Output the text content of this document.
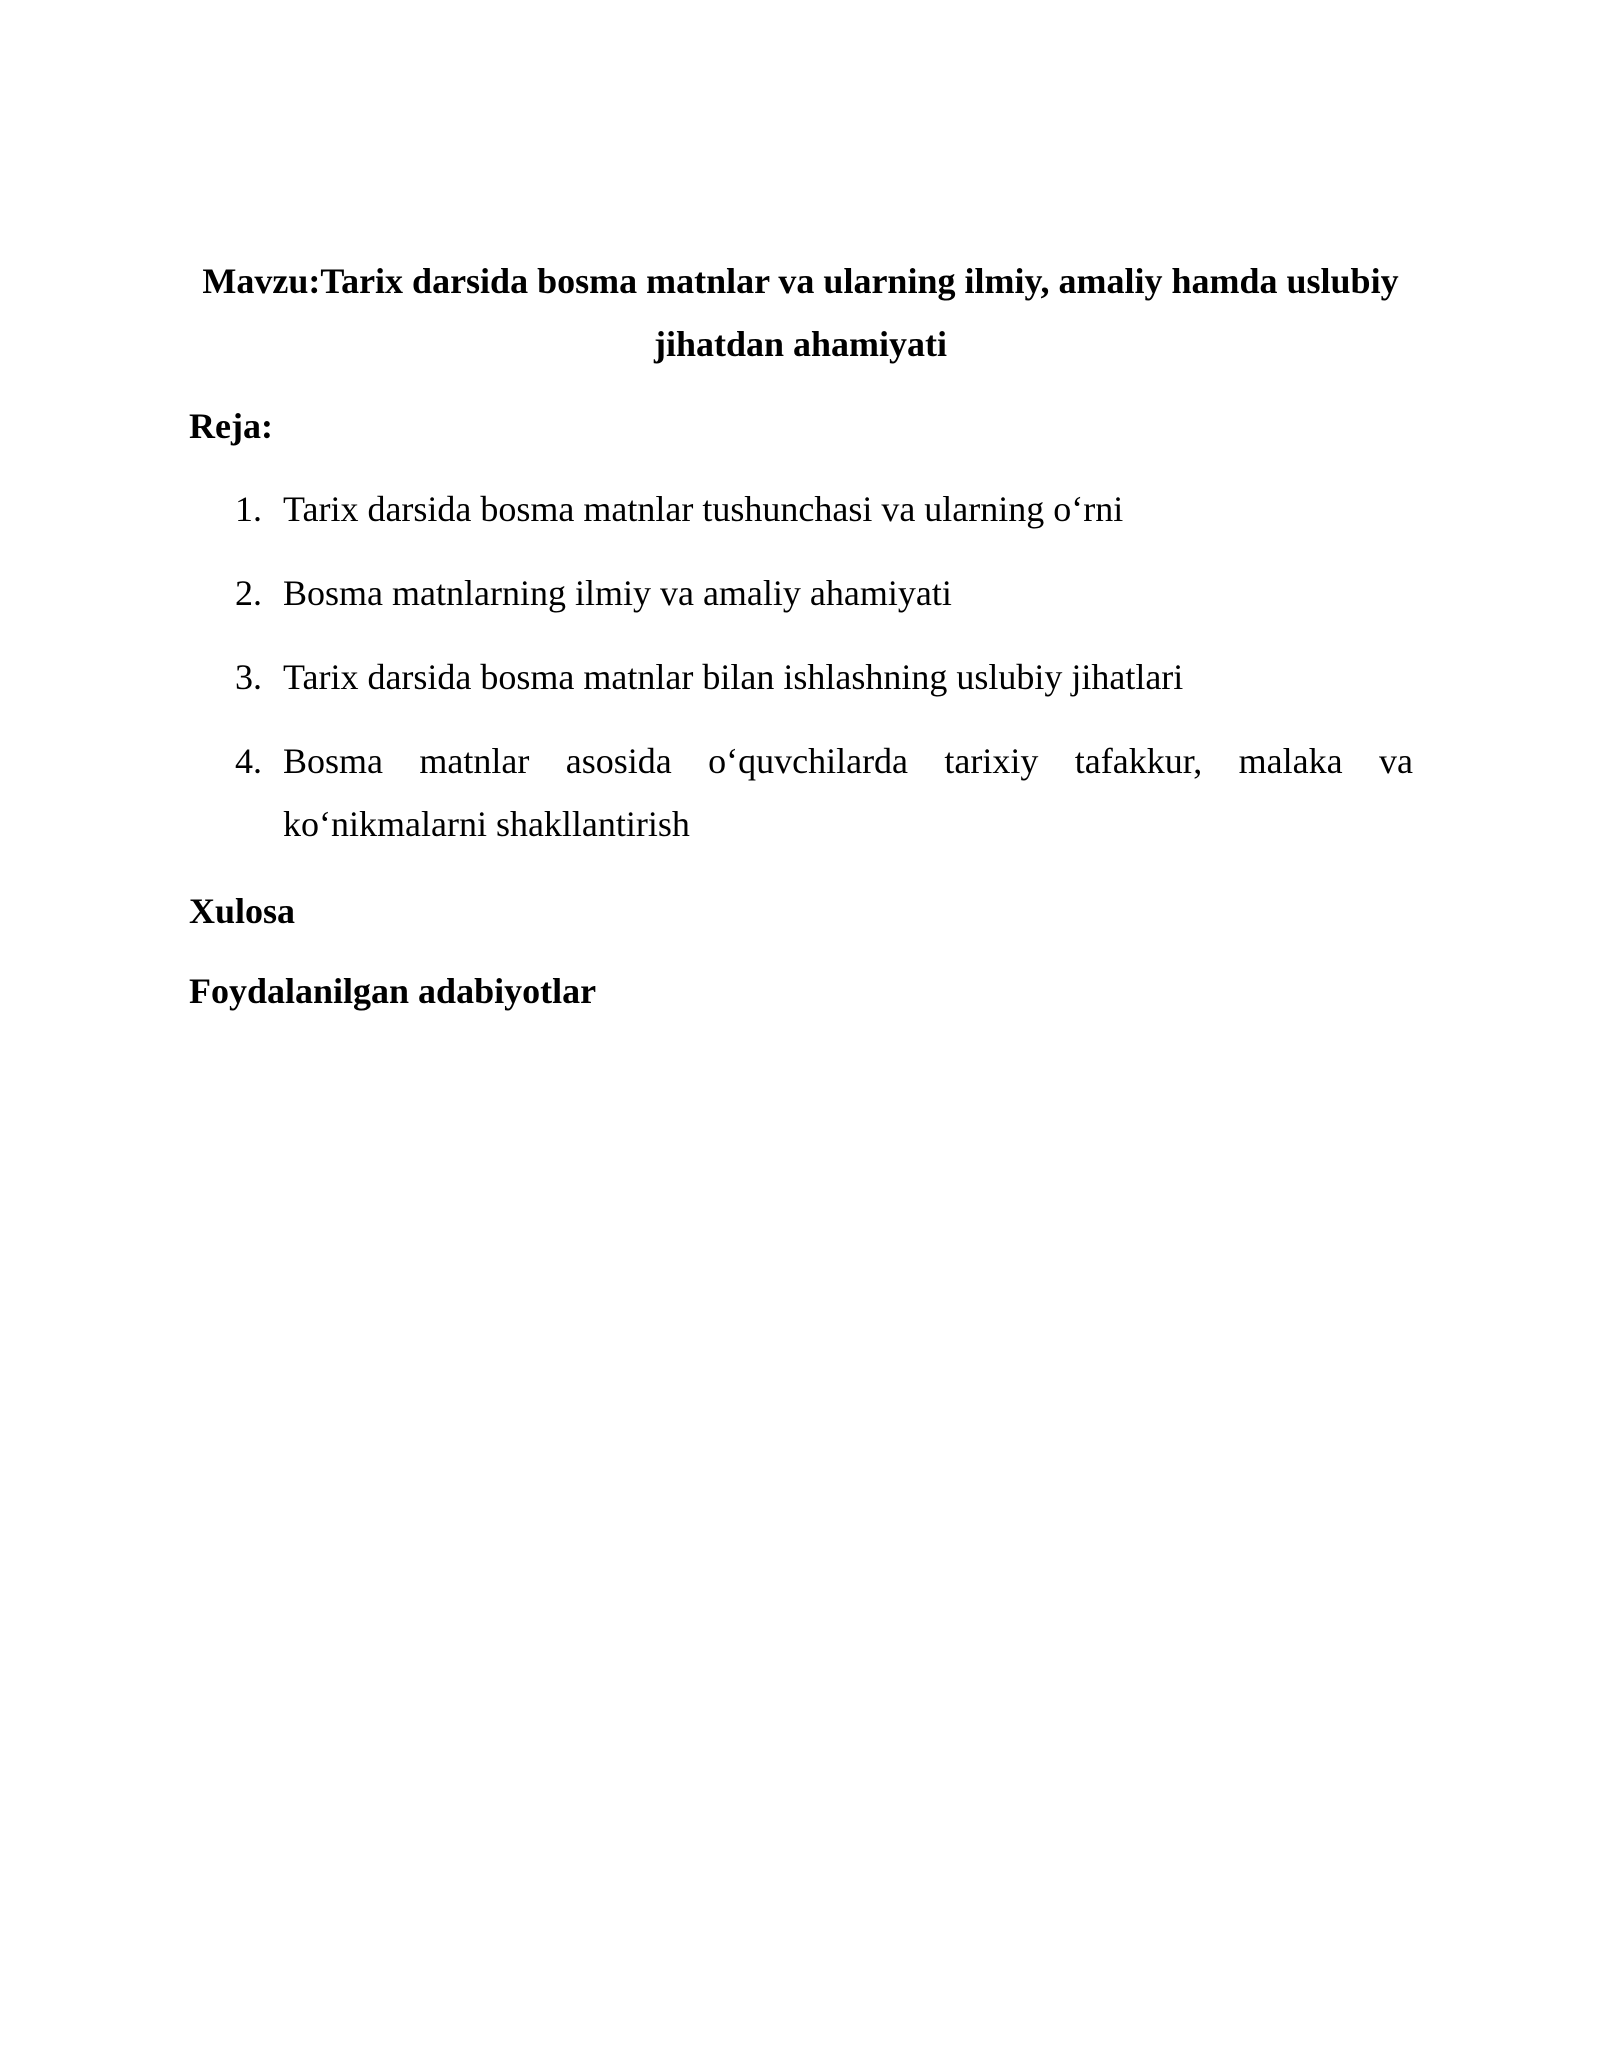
Mavzu:Tarix darsida bosma matnlar va ularning ilmiy, amaliy hamda uslubiy jihatdan ahamiyati
Reja:
1. Tarix darsida bosma matnlar tushunchasi va ularning o‘rni
2. Bosma matnlarning ilmiy va amaliy ahamiyati
3. Tarix darsida bosma matnlar bilan ishlashning uslubiy jihatlari
4. Bosma matnlar asosida o‘quvchilarda tarixiy tafakkur, malaka va ko‘nikmalarni shakllantirish
Xulosa
Foydalanilgan adabiyotlar
